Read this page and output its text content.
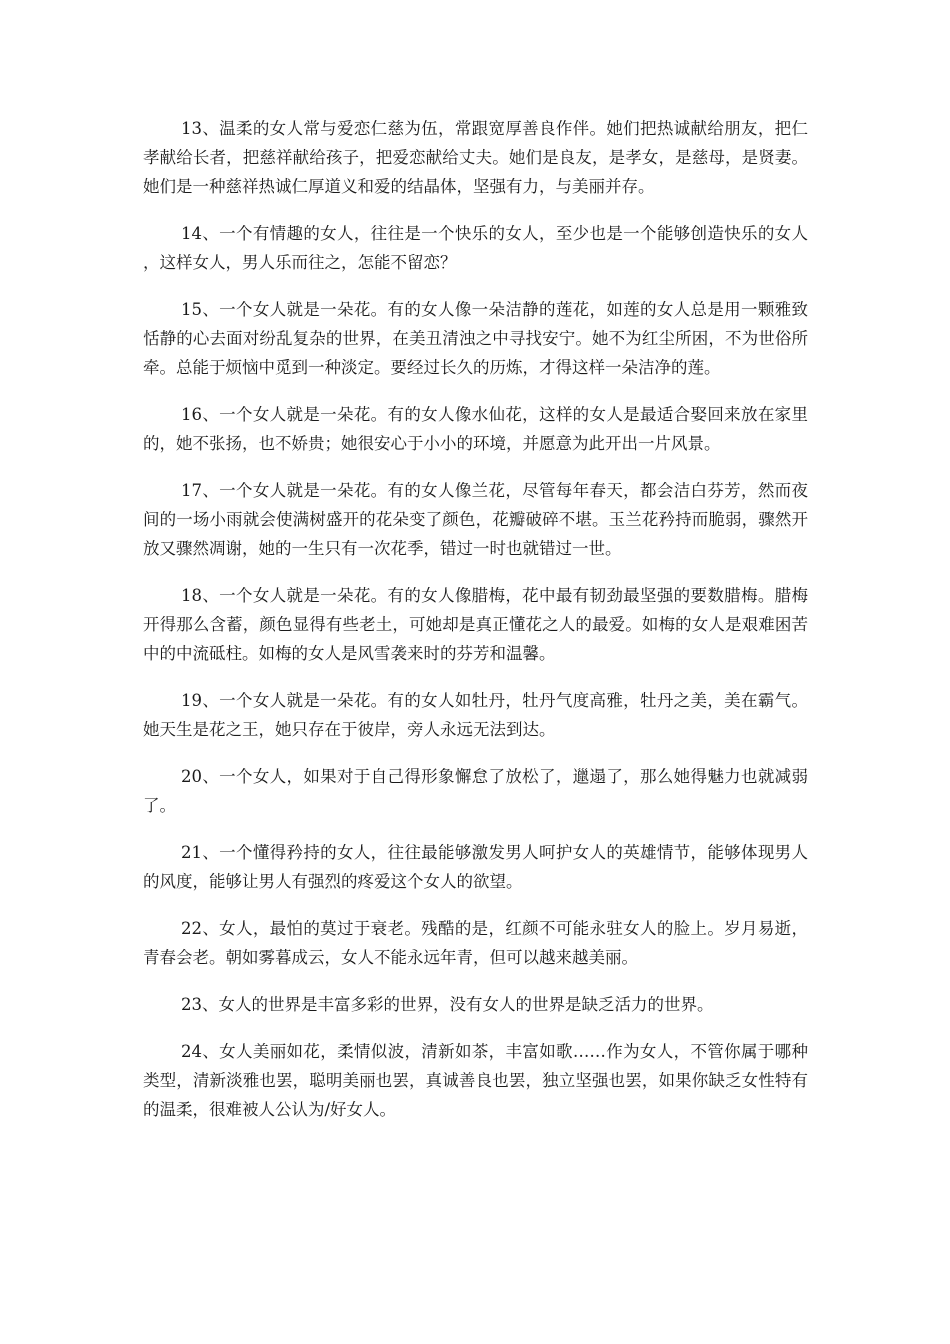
13、温柔的女人常与爱恋仁慈为伍，常跟宽厚善良作伴。她们把热诚献给朋友，把仁孝献给长者，把慈祥献给孩子，把爱恋献给丈夫。她们是良友，是孝女，是慈母，是贤妻。她们是一种慈祥热诚仁厚道义和爱的结晶体，坚强有力，与美丽并存。

14、一个有情趣的女人，往往是一个快乐的女人，至少也是一个能够创造快乐的女人，这样女人，男人乐而往之，怎能不留恋？

15、一个女人就是一朵花。有的女人像一朵洁静的莲花，如莲的女人总是用一颗雅致恬静的心去面对纷乱复杂的世界，在美丑清浊之中寻找安宁。她不为红尘所困，不为世俗所牵。总能于烦恼中觅到一种淡定。要经过长久的历炼，才得这样一朵洁净的莲。

16、一个女人就是一朵花。有的女人像水仙花，这样的女人是最适合娶回来放在家里的，她不张扬，也不娇贵；她很安心于小小的环境，并愿意为此开出一片风景。

17、一个女人就是一朵花。有的女人像兰花，尽管每年春天，都会洁白芬芳，然而夜间的一场小雨就会使满树盛开的花朵变了颜色，花瓣破碎不堪。玉兰花矜持而脆弱，骤然开放又骤然凋谢，她的一生只有一次花季，错过一时也就错过一世。

18、一个女人就是一朵花。有的女人像腊梅，花中最有韧劲最坚强的要数腊梅。腊梅开得那么含蓄，颜色显得有些老土，可她却是真正懂花之人的最爱。如梅的女人是艰难困苦中的中流砥柱。如梅的女人是风雪袭来时的芬芳和温馨。

19、一个女人就是一朵花。有的女人如牡丹，牡丹气度高雅，牡丹之美，美在霸气。她天生是花之王，她只存在于彼岸，旁人永远无法到达。

20、一个女人，如果对于自己得形象懈怠了放松了，邋遢了，那么她得魅力也就减弱了。

21、一个懂得矜持的女人，往往最能够激发男人呵护女人的英雄情节，能够体现男人的风度，能够让男人有强烈的疼爱这个女人的欲望。

22、女人，最怕的莫过于衰老。残酷的是，红颜不可能永驻女人的脸上。岁月易逝，青春会老。朝如雾暮成云，女人不能永远年青，但可以越来越美丽。

23、女人的世界是丰富多彩的世界，没有女人的世界是缺乏活力的世界。

24、女人美丽如花，柔情似波，清新如茶，丰富如歌……作为女人，不管你属于哪种类型，清新淡雅也罢，聪明美丽也罢，真诚善良也罢，独立坚强也罢，如果你缺乏女性特有的温柔，很难被人公认为/好女人。
